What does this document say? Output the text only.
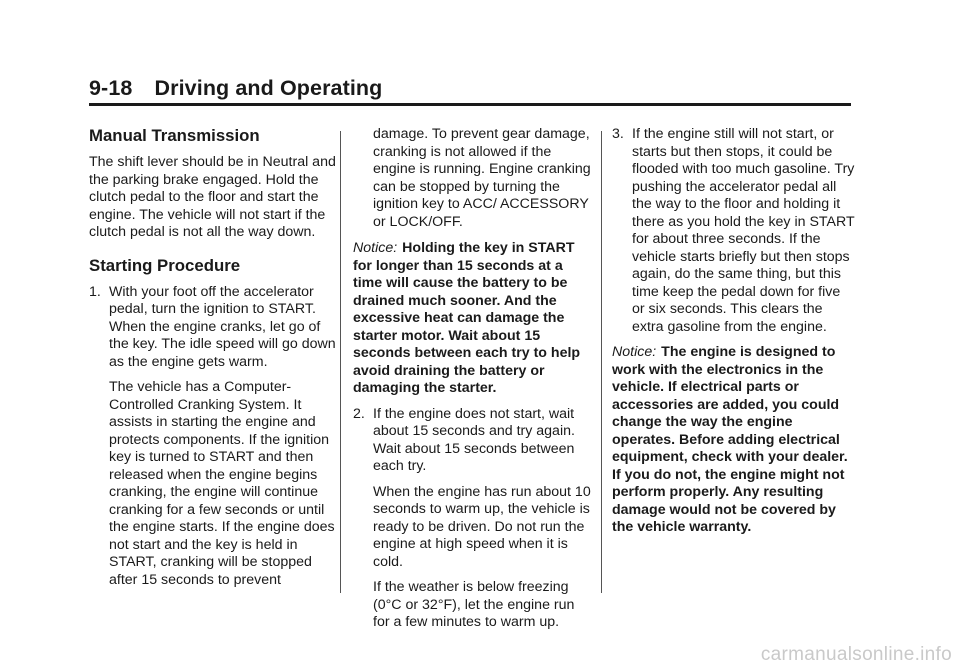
9-18 Driving and Operating
Manual Transmission

The shift lever should be in Neutral and the parking brake engaged. Hold the clutch pedal to the floor and start the engine. The vehicle will not start if the clutch pedal is not all the way down.

Starting Procedure
1. With your foot off the accelerator pedal, turn the ignition to START. When the engine cranks, let go of the key. The idle speed will go down as the engine gets warm.

The vehicle has a Computer-Controlled Cranking System. It assists in starting the engine and protects components. If the ignition key is turned to START and then released when the engine begins cranking, the engine will continue cranking for a few seconds or until the engine starts. If the engine does not start and the key is held in START, cranking will be stopped after 15 seconds to prevent

damage. To prevent gear damage, cranking is not allowed if the engine is running. Engine cranking can be stopped by turning the ignition key to ACC/ ACCESSORY or LOCK/OFF.

Notice: Holding the key in START for longer than 15 seconds at a time will cause the battery to be drained much sooner. And the excessive heat can damage the starter motor. Wait about 15 seconds between each try to help avoid draining the battery or damaging the starter.

2. If the engine does not start, wait about 15 seconds and try again. Wait about 15 seconds between each try.

When the engine has run about 10 seconds to warm up, the vehicle is ready to be driven. Do not run the engine at high speed when it is cold.

If the weather is below freezing (0°C or 32°F), let the engine run for a few minutes to warm up.

3. If the engine still will not start, or starts but then stops, it could be flooded with too much gasoline. Try pushing the accelerator pedal all the way to the floor and holding it there as you hold the key in START for about three seconds. If the vehicle starts briefly but then stops again, do the same thing, but this time keep the pedal down for five or six seconds. This clears the extra gasoline from the engine.

Notice: The engine is designed to work with the electronics in the vehicle. If electrical parts or accessories are added, you could change the way the engine operates. Before adding electrical equipment, check with your dealer. If you do not, the engine might not perform properly. Any resulting damage would not be covered by the vehicle warranty.

carmanualsonline.info
